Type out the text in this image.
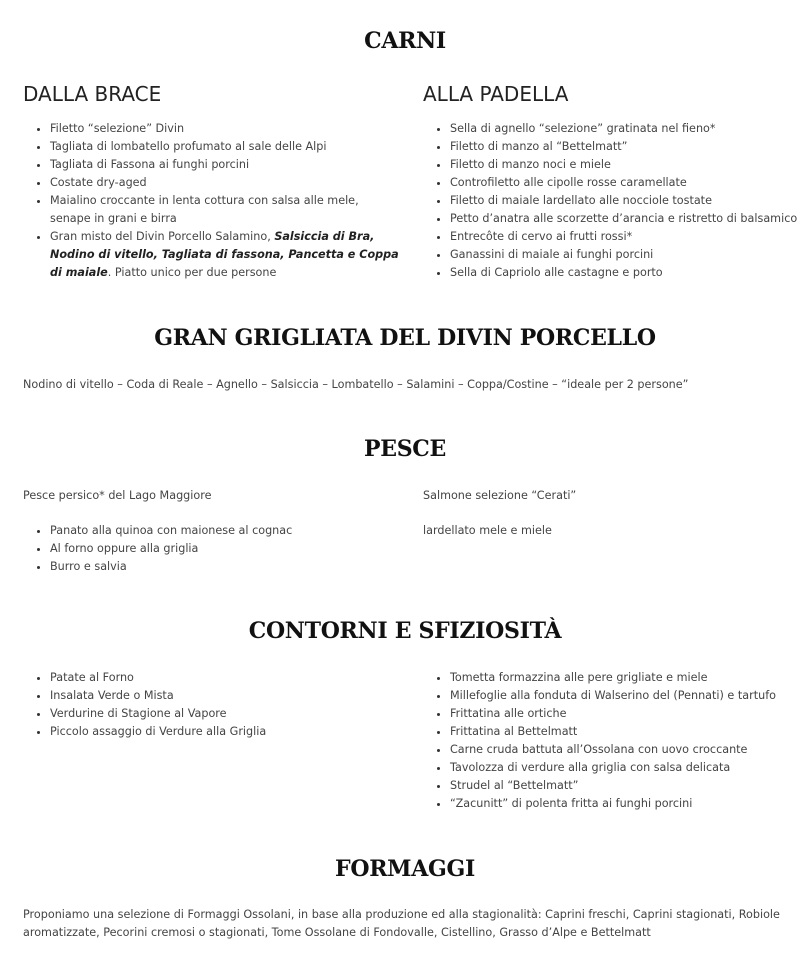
CARNI
DALLA BRACE
• Filetto “selezione” Divin
• Tagliata di lombatello profumato al sale delle Alpi
• Tagliata di Fassona ai funghi porcini
• Costate dry-aged
• Maialino croccante in lenta cottura con salsa alle mele, senape in grani e birra
• Gran misto del Divin Porcello Salamino, Salsiccia di Bra, Nodino di vitello, Tagliata di fassona, Pancetta e Coppa di maiale. Piatto unico per due persone
ALLA PADELLA
• Sella di agnello “selezione” gratinata nel fieno*
• Filetto di manzo al “Bettelmatt”
• Filetto di manzo noci e miele
• Controfiletto alle cipolle rosse caramellate
• Filetto di maiale lardellato alle nocciole tostate
• Petto d’anatra alle scorzette d’arancia e ristretto di balsamico
• Entrecôte di cervo ai frutti rossi*
• Ganassini di maiale ai funghi porcini
• Sella di Capriolo alle castagne e porto
GRAN GRIGLIATA DEL DIVIN PORCELLO

Nodino di vitello – Coda di Reale – Agnello – Salsiccia – Lombatello – Salamini – Coppa/Costine – “ideale per 2 persone”

PESCE

Pesce persico* del Lago Maggiore

• Panato alla quinoa con maionese al cognac
• Al forno oppure alla griglia
• Burro e salvia

Salmone selezione “Cerati”

lardellato mele e miele

CONTORNI E SFIZIOSITÀ
• Patate al Forno
• Insalata Verde o Mista
• Verdurine di Stagione al Vapore
• Piccolo assaggio di Verdure alla Griglia
• Tometta formazzina alle pere grigliate e miele
• Millefoglie alla fonduta di Walserino del (Pennati) e tartufo
• Frittatina alle ortiche
• Frittatina al Bettelmatt
• Carne cruda battuta all’Ossolana con uovo croccante
• Tavolozza di verdure alla griglia con salsa delicata
• Strudel al “Bettelmatt”
• “Zacunitt” di polenta fritta ai funghi porcini
FORMAGGI

Proponiamo una selezione di Formaggi Ossolani, in base alla produzione ed alla stagionalità: Caprini freschi, Caprini stagionati, Robiole aromatizzate, Pecorini cremosi o stagionati, Tome Ossolane di Fondovalle, Cistellino, Grasso d’Alpe e Bettelmatt
